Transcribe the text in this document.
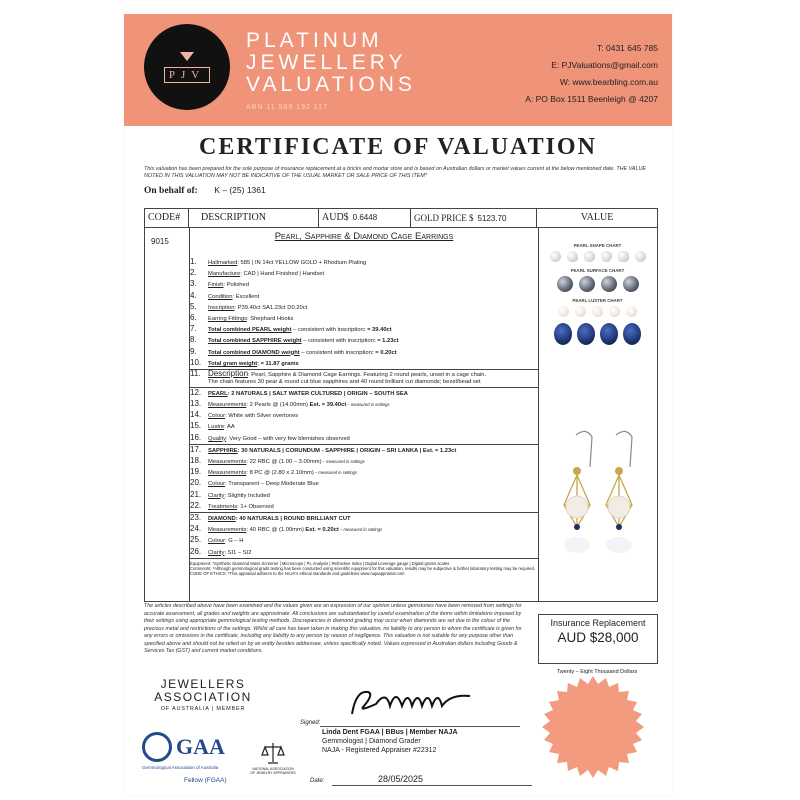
PJV
PLATINUM
JEWELLERY
VALUATIONS
ABN 11 589 192 117
T: 0431 645 785
E: PJValuations@gmail.com
W: www.bearbling.com.au
A: PO Box 1511 Beenleigh @ 4207
CERTIFICATE OF VALUATION
This valuation has been prepared for the sole purpose of insurance replacement at a bricks and mortar store and is based on Australian dollars or market values current at the below mentioned date. THE VALUE NOTED IN THIS VALUATION MAY NOT BE INDICATIVE OF THE USUAL MARKET OR SALE PRICE OF THIS ITEM*
On behalf of: K – (25) 1361
CODE#	DESCRIPTION	AUD$ 0.6448	GOLD PRICE $ 5123.70	VALUE
9015	Pearl, Sapphire & Diamond Cage Earrings
1. Hallmarked: 585 | IN 14ct YELLOW GOLD + Rhodium Plating
2. Manufacture: CAD | Hand Finished | Handset
3. Finish: Polished
4. Condition: Excellent
5. Inscription: P39.40ct SA1.23ct D0.20ct
6. Earring Fittings: Shephard Hooks
7. Total combined PEARL weight – consistent with inscription: ≈ 39.40ct
8. Total combined SAPPHIRE weight – consistent with inscription: ≈ 1.23ct
9. Total combined DIAMOND weight – consistent with inscription: ≈ 0.20ct
10. Total gram weight: ≈ 11.87 grams
11. Description: Pearl, Sapphire & Diamond Cage Earrings. Featuring 2 round pearls, unset in a cage chain.
The chain features 30 pear & round cut blue sapphires and 40 round brilliant cut diamonds; bezel/bead set
12. PEARL: 2 NATURALS | SALT WATER CULTURED | ORIGIN – SOUTH SEA
13. Measurements: 2 Pearls @ (14.00mm) Est. ≈ 39.40ct – measured in settings
14. Colour: White with Silver overtones
15. Lustre: AA
16. Quality: Very Good – with very few blemishes observed
17. SAPPHIRE: 30 NATURALS | CORUNDUM - SAPPHIRE | ORIGIN – SRI LANKA | Est. ≈ 1.23ct
18. Measurements: 22 RBC @ (1.00 – 3.00mm) – measured in settings
19. Measurements: 8 PC @ (2.80 x 2.10mm) – measured in settings
20. Colour: Transparent – Deep Moderate Blue
21. Clarity: Slightly Included
22. Treatments: 1+ Observed
23. DIAMOND: 40 NATURALS | ROUND BRILLIANT CUT
24. Measurements: 40 RBC @ (1.00mm) Est. ≈ 0.20ct – measured in settings
25. Colour: G – H
26. Clarity: SI1 – SI2
Equipment: *Synthetic Diamond Mass Screener | Microscope | PL Analysis | Refractive Index | Digital Leverage gauge | Digital grams scales
Comments: *Although gemmological grads testing has been conducted using scientific equipment for this valuation, results may be subjective & further laboratory testing may be required.
CODE OF ETHICS: *This appraisal adheres to the NAJA's ethical standards and guidelines www.najaappraisal.com
PEARL SHAPE CHART
PEARL SURFACE CHART
PEARL LUSTER CHART
The articles described above have been examined and the values given are an expression of our opinion unless gemstones have been removed from settings for accurate assessment, all grades and weights are approximate. All conclusions are substantiated by careful examination of the items within limitations imposed by their settings using appropriate gemmological testing methods. Discrepancies in diamond grading may occur when diamonds are set due to the colour of the precious metal and restrictions of the settings. Whilst all care has been taken in making this valuation, no liability to any person to whom the certificate is given for any errors or omissions in the certificate, including any liability to any person by reason of negligence. This valuation is not suitable for any purpose other than specified above and should not be relied on by an entity besides addressee, unless specifically noted. Values expressed in Australian dollars including Goods & Services Tax (GST) and current market conditions.
Insurance Replacement
AUD $28,000
Twenty – Eight Thousand Dollars
JEWELLERS
ASSOCIATION
OF AUSTRALIA | MEMBER
Signed:
Linda Dent FGAA | BBus | Member NAJA
Gemmologist | Diamond Grader
NAJA - Registered Appraiser #22312
GAA
Gemmological Association of Australia
Fellow (FGAA)
NATIONAL ASSOCIATION OF JEWELRY APPRAISERS
Date:	28/05/2025
